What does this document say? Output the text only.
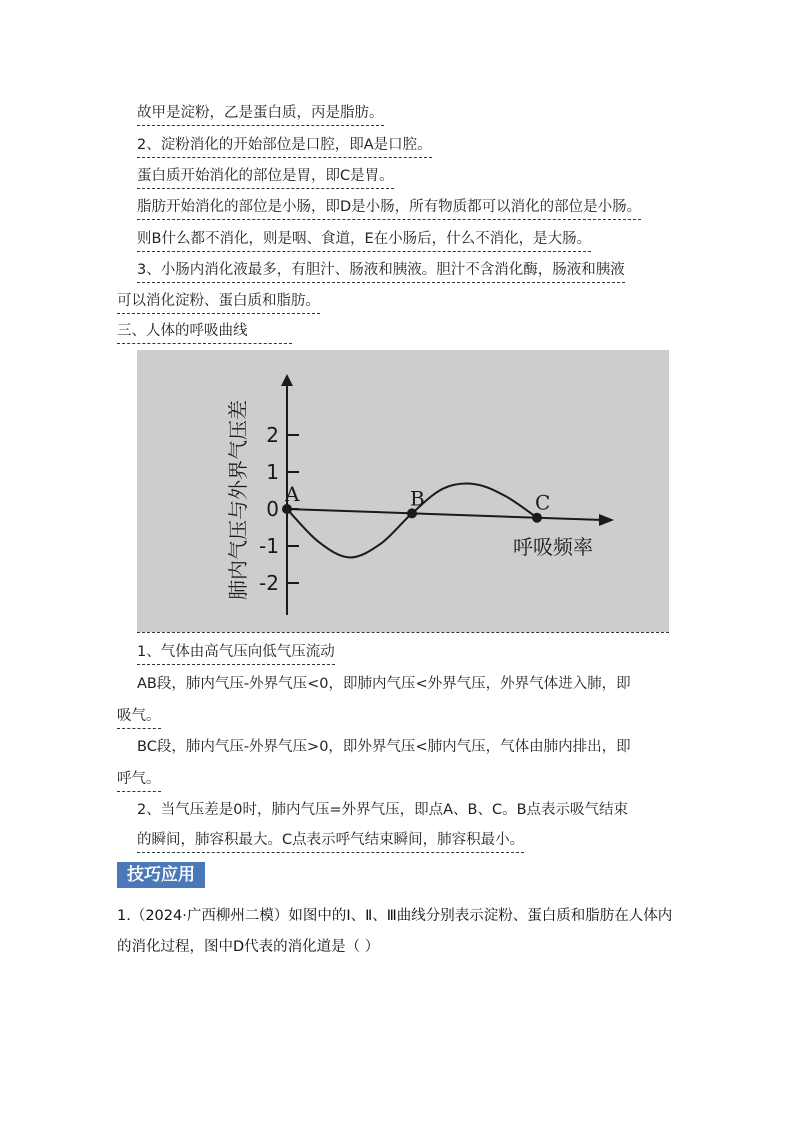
故甲是淀粉，乙是蛋白质，丙是脂肪。
2、淀粉消化的开始部位是口腔，即A是口腔。
蛋白质开始消化的部位是胃，即C是胃。
脂肪开始消化的部位是小肠，即D是小肠，所有物质都可以消化的部位是小肠。
则B什么都不消化，则是咽、食道，E在小肠后，什么不消化，是大肠。
3、小肠内消化液最多，有胆汁、肠液和胰液。胆汁不含消化酶，肠液和胰液
可以消化淀粉、蛋白质和脂肪。
三、人体的呼吸曲线
2
1
0
-1
-2
A	B	C
肺内气压与外界气压差	呼吸频率
1、气体由高气压向低气压流动
AB段，肺内气压-外界气压<0，即肺内气压<外界气压，外界气体进入肺，即
吸气。
BC段，肺内气压-外界气压>0，即外界气压<肺内气压，气体由肺内排出，即
呼气。
2、当气压差是0时，肺内气压=外界气压，即点A、B、C。B点表示吸气结束
的瞬间，肺容积最大。C点表示呼气结束瞬间，肺容积最小。
技巧应用
1.（2024·广西柳州二模）如图中的Ⅰ、Ⅱ、Ⅲ曲线分别表示淀粉、蛋白质和脂肪在人体内
的消化过程，图中D代表的消化道是（ ）
